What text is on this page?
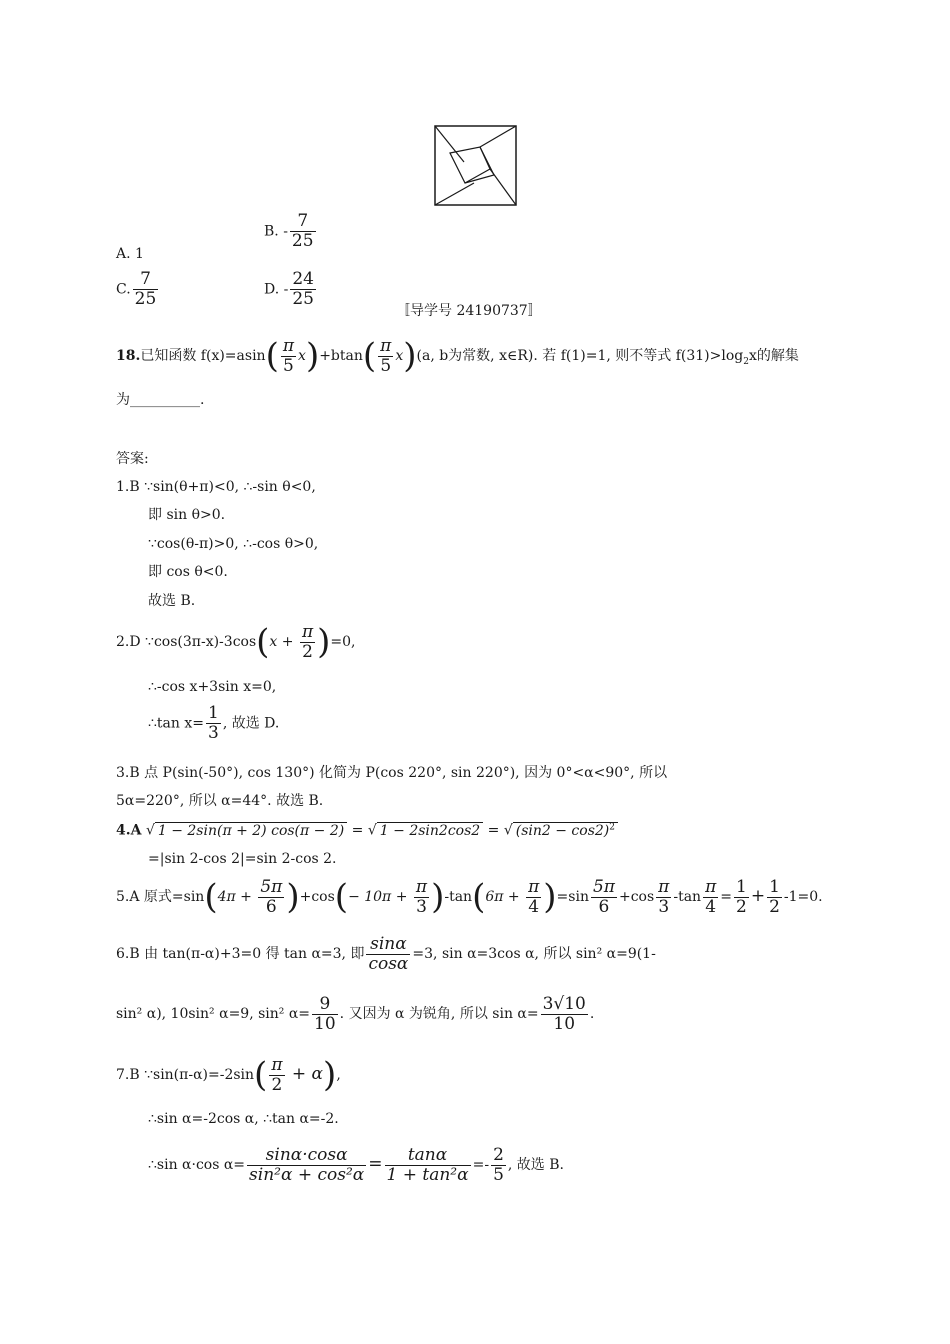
A. 1
B. - $\frac{7}{25}$
C. $\frac{7}{25}$	D. - $\frac{24}{25}$
〚导学号 24190737〛
18.已知函数 $f(x)=asin( \frac{\pi}{5} x)+btan( \frac{\pi}{5} x)(a$, b为常数, x∈R). 若 f(1)=1, 则不等式 $f(31)>\log_2x$的解集
为__________.
答案:
1.B ∵sin(θ+π)<0, ∴-sin θ<0,
即 sin θ>0.
∵cos(θ-π)>0, ∴-cos θ>0,
即 cos θ<0.
故选 B.
2.D ∵cos(3π-x)-3cos(x + $\frac{\pi}{2} )=0$,
∴-cos x+3sin x=0,
∴tan $x= \frac{1}{3}$ , 故选 D.
3.B 点 P(sin(-50°), cos 130°) 化简为 P(cos 220°, sin 220°), 因为 0°<α<90°, 所以
5α=220°, 所以 α=44°. 故选 B.
4.A √ 1 − 2sin(π + 2) cos(π − 2) = √ 1 − 2sin2cos2 = √ $(\sin 2 - \cos 2)^2$
=|sin 2-cos 2|=sin 2-cos 2.
5.A 原式$=\sin(4\pi + \frac{5\pi}{6} )+\cos(- 10\pi + \frac{\pi}{3} )-\tan(6\pi + \frac{\pi}{4} )=\sin \frac{5\pi}{6} +\cos \frac{\pi}{3} -\tan \frac{\pi}{4} = \frac{1}{2} + \frac{1}{2} -1=0$.
6.B 由 tan(π-α)+3=0 得 tan α=3, 即 $\frac{\sin\alpha}{\cos\alpha} =3$, sin α=3cos α, 所以 sin² α=9(1-
sin² α), 10sin² α=9, sin² $\alpha= \frac{9}{10}$ . 又因为 α 为锐角, 所以 $\sin \alpha= \frac{3√10}{10}$ .
7.B ∵sin(π-α)=-2sin( $\frac{\pi}{2} + \alpha$),
∴sin α=-2cos α, ∴tan α=-2.
∴sin α·cos $\alpha= \frac{\sin\alpha\cdot\cos\alpha}{\text{sin²α + cos²α}} = \frac{\tan\alpha}{\text{1 + tan²α}} =- \frac{2}{5}$ , 故选 B.
